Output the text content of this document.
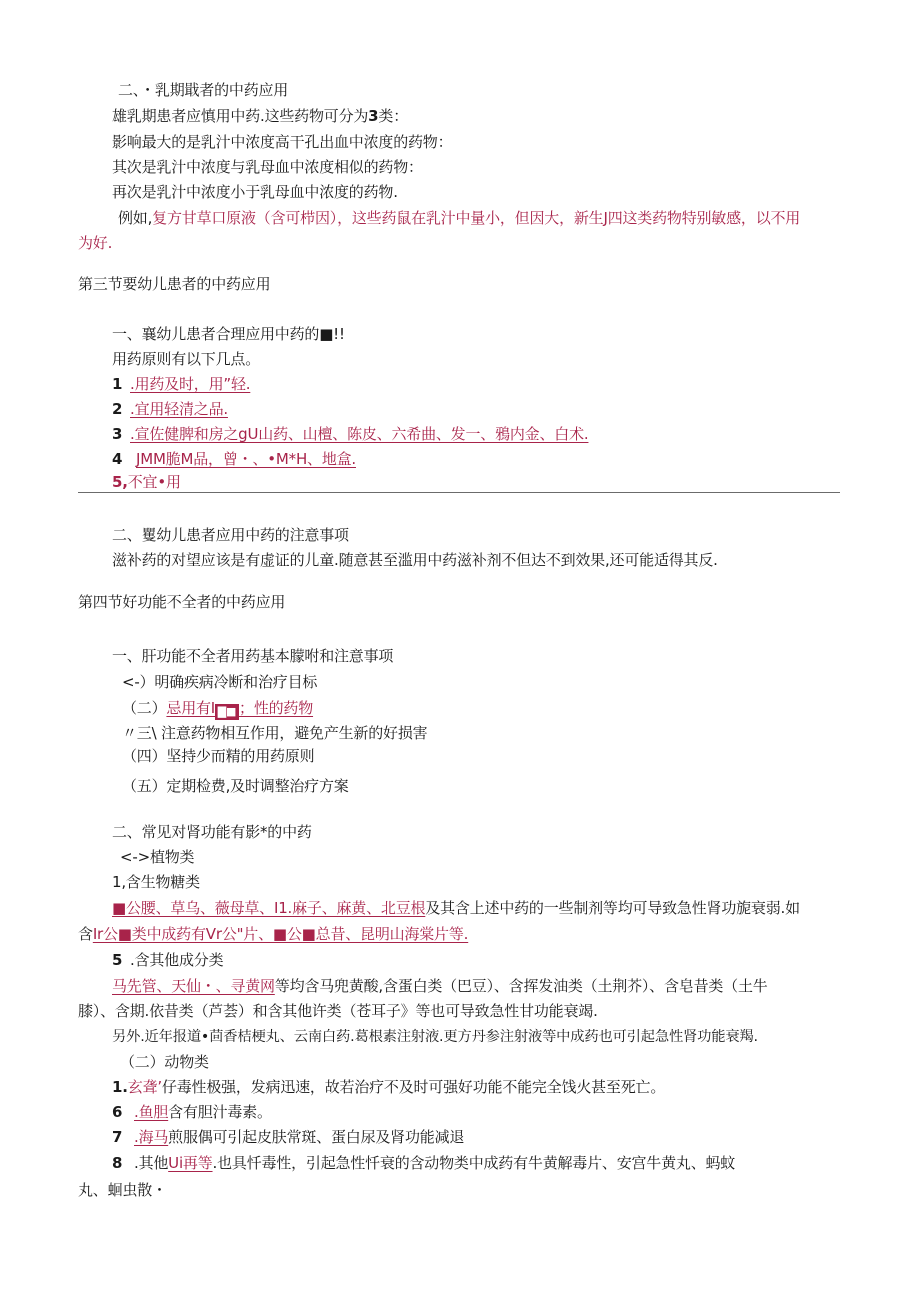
二、・乳期戢者的中药应用
雄乳期患者应慎用中药.这些药物可分为3类：
影响最大的是乳汁中浓度高干孔出血中浓度的药物：
其次是乳汁中浓度与乳母血中浓度相似的药物：
再次是乳汁中浓度小于乳母血中浓度的药物.
例如,复方甘草口原液（含可栉因），这些药鼠在乳汁中量小，但因大，新生J四这类药物特别敏感，以不用
为好.
第三节要幼儿患者的中药应用
一、襄幼儿患者合理应用中药的■!!
用药原则有以下几点。
1 .用药及时，用”轻.
2 .宜用轻清之品.
3 .宣佐健脾和房之gU山药、山檀、陈皮、六希曲、发一、鴉内金、白术.
4 JMM脆M品，曾・、•M*H、地盒.
5,不宜•用
二、矍幼儿患者应用中药的注意事项
滋补药的对望应该是有虚证的儿童.随意甚至滥用中药滋补剂不但达不到效果,还可能适得其反.
第四节好功能不全者的中药应用
一、肝功能不全者用药基本朦咐和注意事项
<-）明确疾病冷断和治疗目标
（二）忌用有I ▇■ ；性的药物
〃三\ 注意药物相互作用，避免产生新的好损害
（四）坚持少而精的用药原则
（五）定期检费,及时调整治疗方案
二、常见对肾功能有影*的中药
<->植物类
1,含生物糖类
■公腰、草乌、薇母草、I1.麻子、麻黄、北豆根及其含上述中药的一些制剂等均可导致急性肾功旎衰弱.如
含Ir公■类中成药有Vr公"片、■公■总昔、昆明山海棠片等.
5 .含其他成分类
马先管、天仙・、寻黄网等均含马兜黄酸,含蛋白类（巴豆）、含挥发油类（土荆芥）、含皂昔类（土牛
膝）、含期.依昔类（芦荟）和含其他许类（苍耳子》等也可导致急性甘功能衰竭.
另外.近年报道•茴香桔梗丸、云南白药.葛根素注射液.更方丹参注射液等中成药也可引起急性肾功能衰羯.
（二）动物类
1.玄聋’仔毒性极强，发病迅速，故若治疗不及时可强好功能不能完全饯火甚至死亡。
6 .鱼胆含有胆汁毒素。
7 .海马煎服偶可引起皮肤常斑、蛋白尿及肾功能减退
8 .其他Ui再等.也具忏毒性，引起急性忏衰的含动物类中成药有牛黄解毒片、安宫牛黄丸、蚂蚊
丸、蛔虫散・
